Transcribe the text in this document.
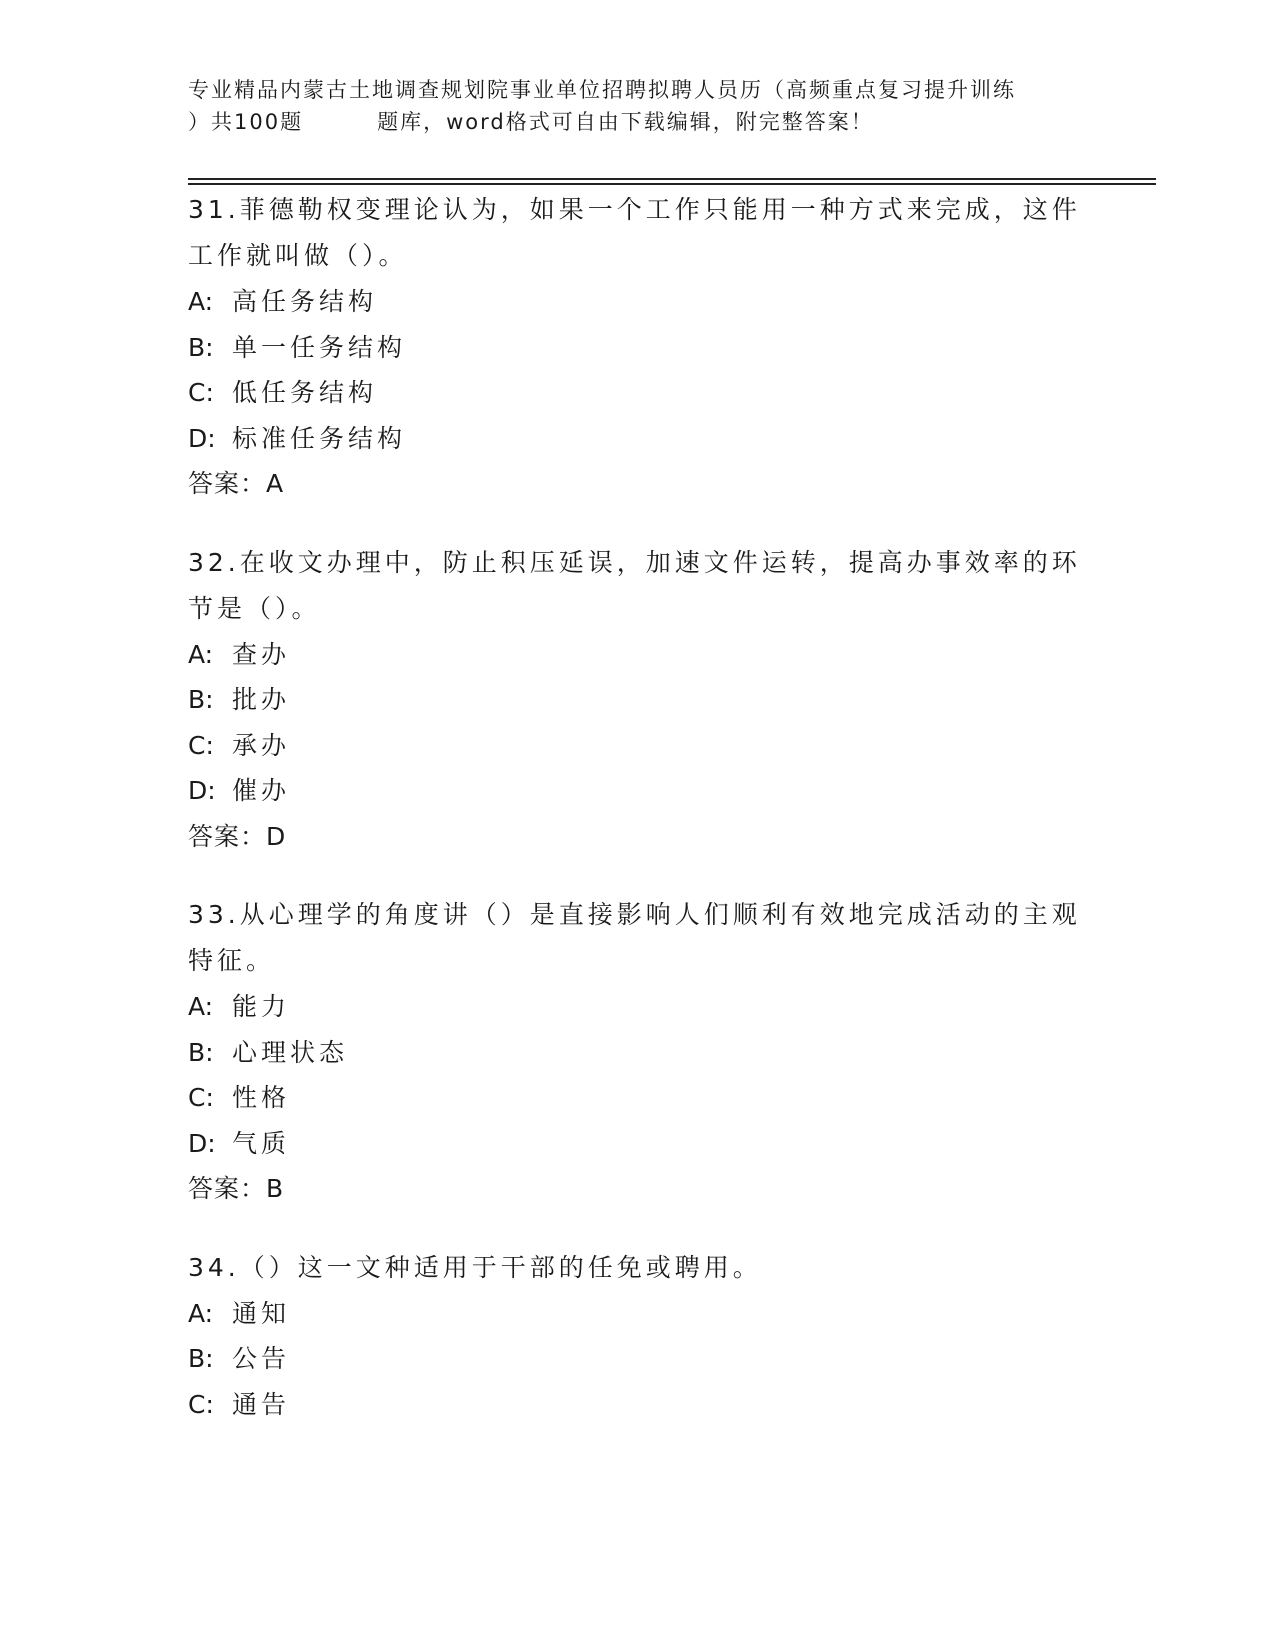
专业精品内蒙古土地调查规划院事业单位招聘拟聘人员历（高频重点复习提升训练
）共100题	题库，word格式可自由下载编辑，附完整答案！

31.菲德勒权变理论认为，如果一个工作只能用一种方式来完成，这件工作就叫做（）。

A: 高任务结构

B: 单一任务结构

C: 低任务结构

D: 标准任务结构

答案：A

32.在收文办理中，防止积压延误，加速文件运转，提高办事效率的环节是（）。

A: 查办

B: 批办

C: 承办

D: 催办

答案：D

33.从心理学的角度讲（）是直接影响人们顺利有效地完成活动的主观特征。

A: 能力

B: 心理状态

C: 性格

D: 气质

答案：B

34.（）这一文种适用于干部的任免或聘用。

A: 通知

B: 公告

C: 通告
